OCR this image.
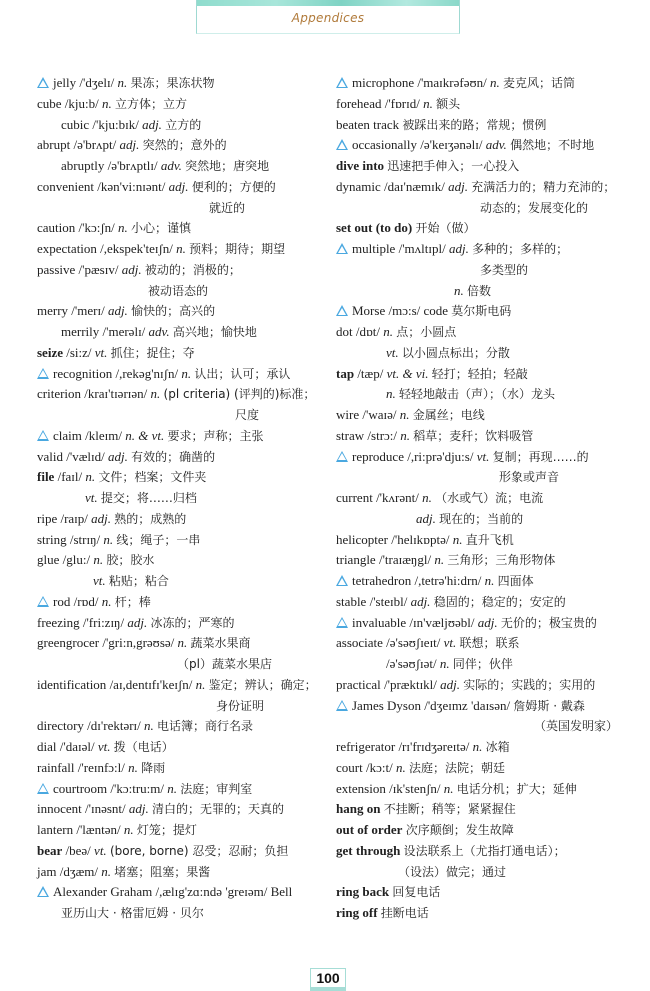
Appendices
jelly /'dʒelɪ/ n. 果冻；果冻状物
cube /kju:b/ n. 立方体；立方
cubic /'kju:bɪk/ adj. 立方的
abrupt /ə'brʌpt/ adj. 突然的；意外的
abruptly /ə'brʌptlɪ/ adv. 突然地；唐突地
convenient /kən'vi:nɪənt/ adj. 便利的；方便的
就近的
caution /'kɔ:ʃn/ n. 小心；谨慎
expectation /,ekspek'teɪʃn/ n. 预料；期待；期望
passive /'pæsɪv/ adj. 被动的；消极的；
被动语态的
merry /'merɪ/ adj. 愉快的；高兴的
merrily /'merəlɪ/ adv. 高兴地；愉快地
seize /si:z/ vt. 抓住；捉住；夺
recognition /,rekəg'nɪʃn/ n. 认出；认可；承认
criterion /kraɪ'tɪərɪən/ n. (pl criteria) (评判的)标准；
尺度
claim /kleɪm/ n. & vt. 要求；声称；主张
valid /'vælɪd/ adj. 有效的；确凿的
file /faɪl/ n. 文件；档案；文件夹
vt. 提交；将……归档
ripe /raɪp/ adj. 熟的；成熟的
string /strɪŋ/ n. 线；绳子；一串
glue /glu:/ n. 胶；胶水
vt. 粘贴；粘合
rod /rɒd/ n. 杆；棒
freezing /'fri:zɪŋ/ adj. 冰冻的；严寒的
greengrocer /'gri:n,grəʊsə/ n. 蔬菜水果商
（pl）蔬菜水果店
identification /aɪ,dentɪfɪ'keɪʃn/ n. 鉴定；辨认；确定；
身份证明
directory /dɪ'rektərɪ/ n. 电话簿；商行名录
dial /'daɪəl/ vt. 拨（电话）
rainfall /'reɪnfɔ:l/ n. 降雨
courtroom /'kɔ:tru:m/ n. 法庭；审判室
innocent /'ɪnəsnt/ adj. 清白的；无罪的；天真的
lantern /'læntən/ n. 灯笼；提灯
bear /beə/ vt. (bore, borne) 忍受；忍耐；负担
jam /dʒæm/ n. 堵塞；阻塞；果酱
Alexander Graham /,ælɪg'zɑ:ndə 'greɪəm/ Bell
亚历山大 · 格雷厄姆 · 贝尔
microphone /'maɪkrəfəʊn/ n. 麦克风；话筒
forehead /'fɒrɪd/ n. 额头
beaten track 被踩出来的路；常规；惯例
occasionally /ə'keɪʒənəlɪ/ adv. 偶然地；不时地
dive into 迅速把手伸入；一心投入
dynamic /daɪ'næmɪk/ adj. 充满活力的；精力充沛的；
动态的；发展变化的
set out (to do) 开始（做）
multiple /'mʌltɪpl/ adj. 多种的；多样的；
多类型的
n. 倍数
Morse /mɔ:s/ code 莫尔斯电码
dot /dɒt/ n. 点；小圆点
vt. 以小圆点标出；分散
tap /tæp/ vt. & vi. 轻打；轻拍；轻敲
n. 轻轻地敲击（声）；（水）龙头
wire /'waɪə/ n. 金属丝；电线
straw /strɔ:/ n. 稻草；麦秆；饮料吸管
reproduce /,ri:prə'dju:s/ vt. 复制；再现……的
形象或声音
current /'kʌrənt/ n. （水或气）流；电流
adj. 现在的；当前的
helicopter /'helɪkɒptə/ n. 直升飞机
triangle /'traɪæŋgl/ n. 三角形；三角形物体
tetrahedron /,tetrə'hi:drn/ n. 四面体
stable /'steɪbl/ adj. 稳固的；稳定的；安定的
invaluable /ɪn'væljʊəbl/ adj. 无价的；极宝贵的
associate /ə'səʊʃɪeɪt/ vt. 联想；联系
/ə'səʊʃɪət/ n. 同伴；伙伴
practical /'præktɪkl/ adj. 实际的；实践的；实用的
James Dyson /'dʒeɪmz 'daɪsən/ 詹姆斯 · 戴森
（英国发明家）
refrigerator /rɪ'frɪdʒəreɪtə/ n. 冰箱
court /kɔ:t/ n. 法庭；法院；朝廷
extension /ɪk'stenʃn/ n. 电话分机；扩大；延伸
hang on 不挂断；稍等；紧紧握住
out of order 次序颠倒；发生故障
get through 设法联系上（尤指打通电话）；
（设法）做完；通过
ring back 回复电话
ring off 挂断电话
100
